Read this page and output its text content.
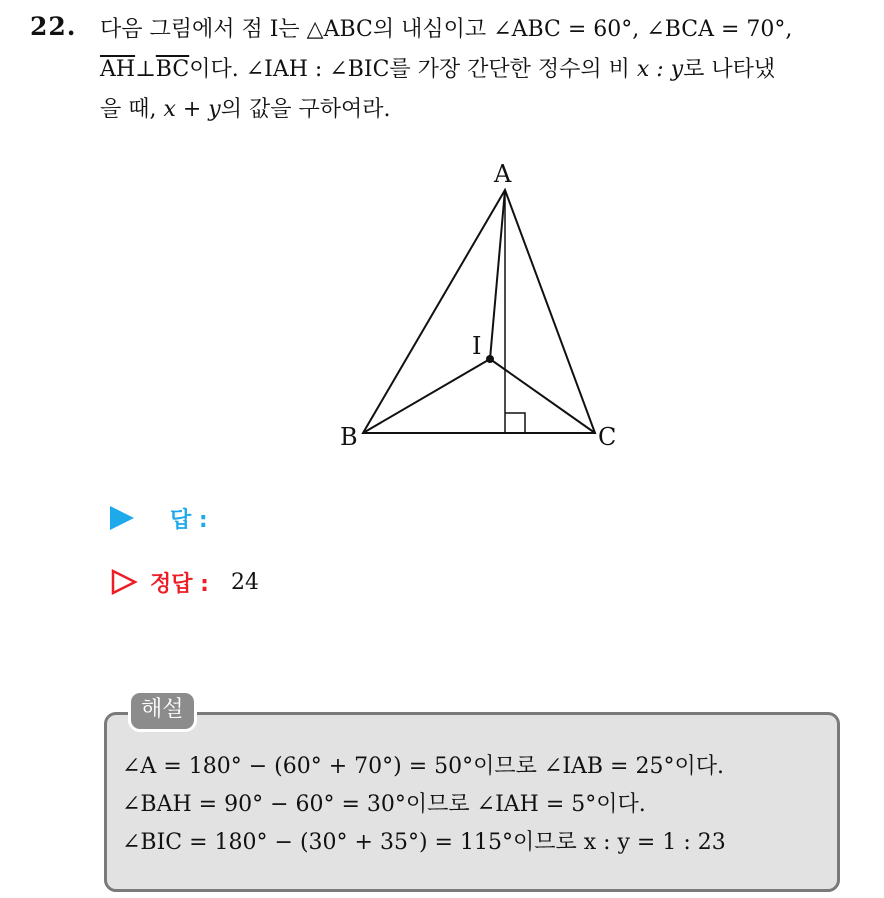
22. 다음 그림에서 점 I는 △ABC의 내심이고 ∠ABC = 60°, ∠BCA = 70°,
$\overline{AH}\perp\overline{BC}$이다. ∠IAH : ∠BIC를 가장 간단한 정수의 비 x : y로 나타냈
을 때, x + y의 값을 구하여라.
A
B	C
I
답 :
정답 : 24
해설
∠A = 180° − (60° + 70°) = 50°이므로 ∠IAB = 25°이다.
∠BAH = 90° − 60° = 30°이므로 ∠IAH = 5°이다.
∠BIC = 180° − (30° + 35°) = 115°이므로 x : y = 1 : 23
